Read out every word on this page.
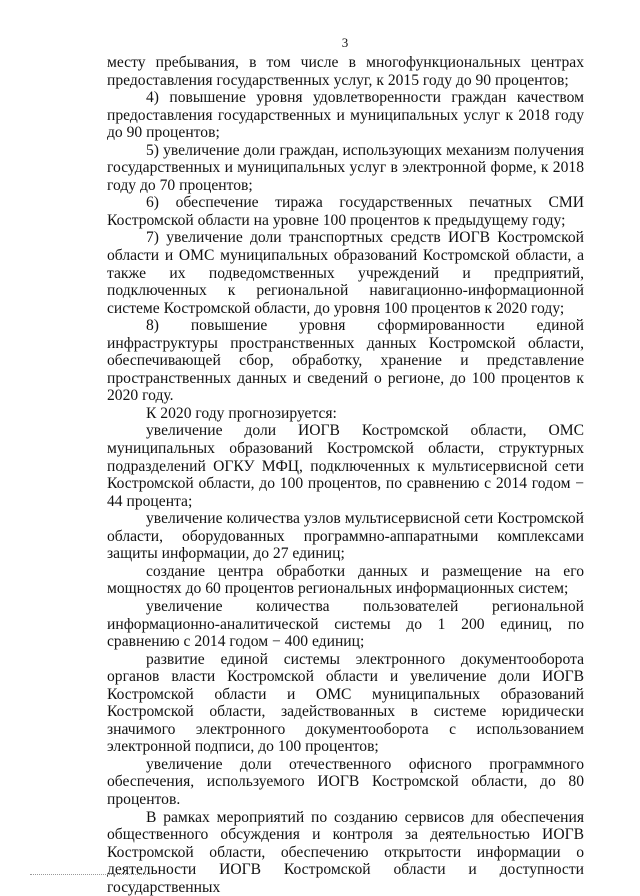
3

месту пребывания, в том числе в многофункциональных центрах предоставления государственных услуг, к 2015 году до 90 процентов;

4) повышение уровня удовлетворенности граждан качеством предоставления государственных и муниципальных услуг к 2018 году до 90 процентов;

5) увеличение доли граждан, использующих механизм получения государственных и муниципальных услуг в электронной форме, к 2018 году до 70 процентов;

6) обеспечение тиража государственных печатных СМИ Костромской области на уровне 100 процентов к предыдущему году;

7) увеличение доли транспортных средств ИОГВ Костромской области и ОМС муниципальных образований Костромской области, а также их подведомственных учреждений и предприятий, подключенных к региональной навигационно-информационной системе Костромской области, до уровня 100 процентов к 2020 году;

8) повышение уровня сформированности единой инфраструктуры пространственных данных Костромской области, обеспечивающей сбор, обработку, хранение и представление пространственных данных и сведений о регионе, до 100 процентов к 2020 году.

К 2020 году прогнозируется:

увеличение доли ИОГВ Костромской области, ОМС муниципальных образований Костромской области, структурных подразделений ОГКУ МФЦ, подключенных к мультисервисной сети Костромской области, до 100 процентов, по сравнению с 2014 годом − 44 процента;

увеличение количества узлов мультисервисной сети Костромской области, оборудованных программно-аппаратными комплексами защиты информации, до 27 единиц;

создание центра обработки данных и размещение на его мощностях до 60 процентов региональных информационных систем;

увеличение количества пользователей региональной информационно-аналитической системы до 1 200 единиц, по сравнению с 2014 годом − 400 единиц;

развитие единой системы электронного документооборота органов власти Костромской области и увеличение доли ИОГВ Костромской области и ОМС муниципальных образований Костромской области, задействованных в системе юридически значимого электронного документооборота с использованием электронной подписи, до 100 процентов;

увеличение доли отечественного офисного программного обеспечения, используемого ИОГВ Костромской области, до 80 процентов.

В рамках мероприятий по созданию сервисов для обеспечения общественного обсуждения и контроля за деятельностью ИОГВ Костромской области, обеспечению открытости информации о деятельности ИОГВ Костромской области и доступности государственных
